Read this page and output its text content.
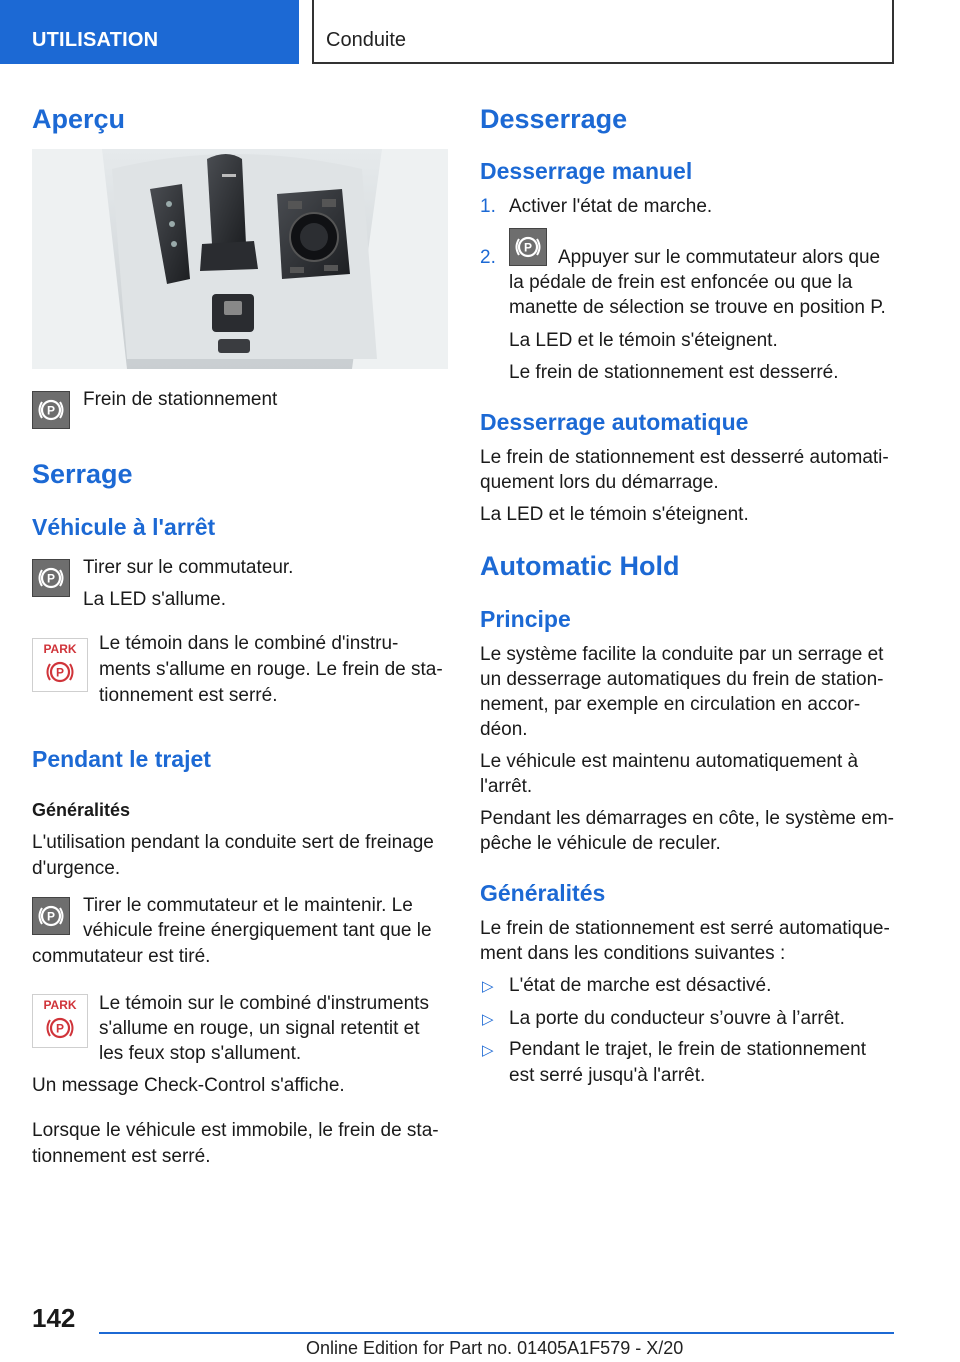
UTILISATION	Conduite
Aperçu
P
Frein de stationnement
Serrage
Véhicule à l'arrêt
P
Tirer sur le commutateur.
La LED s'allume.
PARK
P
Le témoin dans le combiné d'instru-
ments s'allume en rouge. Le frein de sta-
tionnement est serré.
Pendant le trajet
Généralités
L'utilisation pendant la conduite sert de freinage
d'urgence.
P
Tirer le commutateur et le maintenir. Le
véhicule freine énergiquement tant que le
commutateur est tiré.
PARK
P
Le témoin sur le combiné d'instruments
s'allume en rouge, un signal retentit et
les feux stop s'allument.
Un message Check-Control s'affiche.
Lorsque le véhicule est immobile, le frein de sta-
tionnement est serré.
Desserrage
Desserrage manuel
1. Activer l'état de marche.
2. P Appuyer sur le commutateur alors que
la pédale de frein est enfoncée ou que la
manette de sélection se trouve en position P.
La LED et le témoin s'éteignent.
Le frein de stationnement est desserré.
Desserrage automatique
Le frein de stationnement est desserré automati-
quement lors du démarrage.
La LED et le témoin s'éteignent.
Automatic Hold
Principe
Le système facilite la conduite par un serrage et
un desserrage automatiques du frein de station-
nement, par exemple en circulation en accor-
déon.
Le véhicule est maintenu automatiquement à
l'arrêt.
Pendant les démarrages en côte, le système em-
pêche le véhicule de reculer.
Généralités
Le frein de stationnement est serré automatique-
ment dans les conditions suivantes :
▷ L'état de marche est désactivé.
▷ La porte du conducteur s’ouvre à l’arrêt.
▷ Pendant le trajet, le frein de stationnement
est serré jusqu'à l'arrêt.
142
Online Edition for Part no. 01405A1F579 - X/20
